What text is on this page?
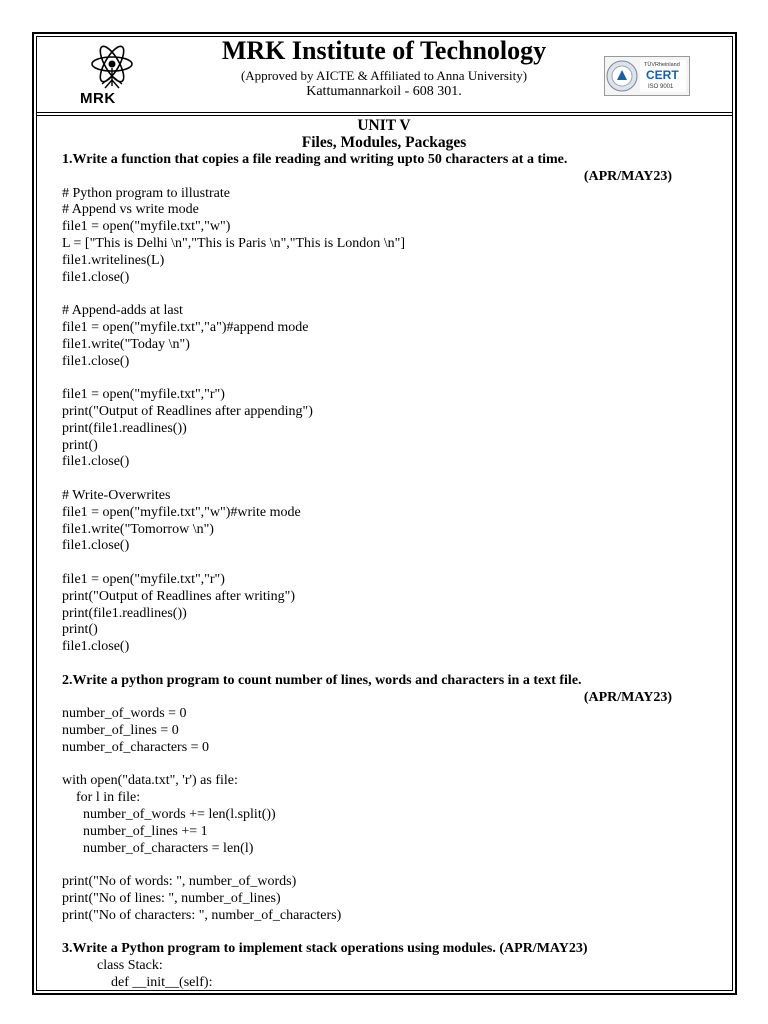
MRK
MRK Institute of Technology
(Approved by AICTE & Affiliated to Anna University)
Kattumannarkoil - 608 301.
TÜVRheinland
CERT
ISO 9001
UNIT V
Files, Modules, Packages

1.Write a function that copies a file reading and writing upto 50 characters at a time.

(APR/MAY23)

# Python program to illustrate
# Append vs write mode
file1 = open("myfile.txt","w")
L = ["This is Delhi \n","This is Paris \n","This is London \n"]
file1.writelines(L)
file1.close()

# Append-adds at last
file1 = open("myfile.txt","a")#append mode
file1.write("Today \n")
file1.close()

file1 = open("myfile.txt","r")
print("Output of Readlines after appending")
print(file1.readlines())
print()
file1.close()

# Write-Overwrites
file1 = open("myfile.txt","w")#write mode
file1.write("Tomorrow \n")
file1.close()

file1 = open("myfile.txt","r")
print("Output of Readlines after writing")
print(file1.readlines())
print()
file1.close()

2.Write a python program to count number of lines, words and characters in a text file.

(APR/MAY23)

number_of_words = 0
number_of_lines = 0
number_of_characters = 0

with open("data.txt", 'r') as file:
for l in file:
number_of_words += len(l.split())
number_of_lines += 1
number_of_characters = len(l)

print("No of words: ", number_of_words)
print("No of lines: ", number_of_lines)
print("No of characters: ", number_of_characters)

3.Write a Python program to implement stack operations using modules. (APR/MAY23)

class Stack:
def __init__(self):
